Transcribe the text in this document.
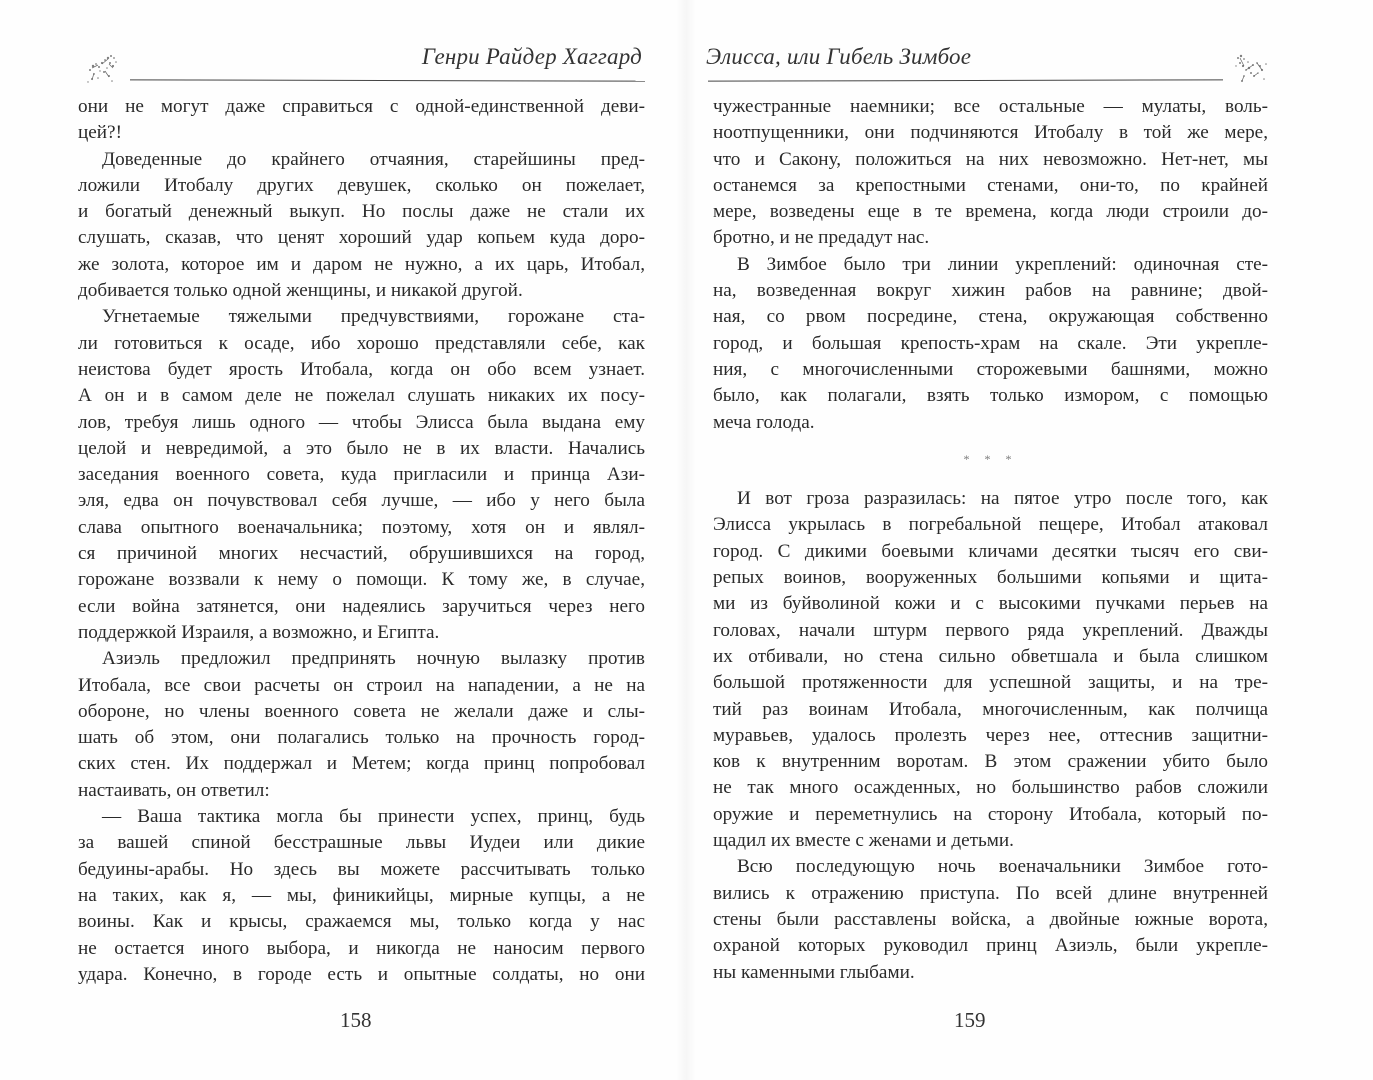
Генри Райдер Хаггард
они не могут даже справиться с одной-единственной деви-
цей?!
Доведенные до крайнего отчаяния, старейшины пред-
ложили Итобалу других девушек, сколько он пожелает,
и богатый денежный выкуп. Но послы даже не стали их
слушать, сказав, что ценят хороший удар копьем куда доро-
же золота, которое им и даром не нужно, а их царь, Итобал,
добивается только одной женщины, и никакой другой.
Угнетаемые тяжелыми предчувствиями, горожане ста-
ли готовиться к осаде, ибо хорошо представляли себе, как
неистова будет ярость Итобала, когда он обо всем узнает.
А он и в самом деле не пожелал слушать никаких их посу-
лов, требуя лишь одного — чтобы Элисса была выдана ему
целой и невредимой, а это было не в их власти. Начались
заседания военного совета, куда пригласили и принца Ази-
эля, едва он почувствовал себя лучше, — ибо у него была
слава опытного военачальника; поэтому, хотя он и являл-
ся причиной многих несчастий, обрушившихся на город,
горожане воззвали к нему о помощи. К тому же, в случае,
если война затянется, они надеялись заручиться через него
поддержкой Израиля, а возможно, и Египта.
Азиэль предложил предпринять ночную вылазку против
Итобала, все свои расчеты он строил на нападении, а не на
обороне, но члены военного совета не желали даже и слы-
шать об этом, они полагались только на прочность город-
ских стен. Их поддержал и Метем; когда принц попробовал
настаивать, он ответил:
— Ваша тактика могла бы принести успех, принц, будь
за вашей спиной бесстрашные львы Иудеи или дикие
бедуины-арабы. Но здесь вы можете рассчитывать только
на таких, как я, — мы, финикийцы, мирные купцы, а не
воины. Как и крысы, сражаемся мы, только когда у нас
не остается иного выбора, и никогда не наносим первого
удара. Конечно, в городе есть и опытные солдаты, но они
158
Элисса, или Гибель Зимбое
чужестранные наемники; все остальные — мулаты, воль-
ноотпущенники, они подчиняются Итобалу в той же мере,
что и Сакону, положиться на них невозможно. Нет-нет, мы
останемся за крепостными стенами, они-то, по крайней
мере, возведены еще в те времена, когда люди строили до-
бротно, и не предадут нас.
В Зимбое было три линии укреплений: одиночная сте-
на, возведенная вокруг хижин рабов на равнине; двой-
ная, со рвом посредине, стена, окружающая собственно
город, и большая крепость-храм на скале. Эти укрепле-
ния, с многочисленными сторожевыми башнями, можно
было, как полагали, взять только измором, с помощью
меча голода.
* * *
И вот гроза разразилась: на пятое утро после того, как
Элисса укрылась в погребальной пещере, Итобал атаковал
город. С дикими боевыми кличами десятки тысяч его сви-
репых воинов, вооруженных большими копьями и щита-
ми из буйволиной кожи и с высокими пучками перьев на
головах, начали штурм первого ряда укреплений. Дважды
их отбивали, но стена сильно обветшала и была слишком
большой протяженности для успешной защиты, и на тре-
тий раз воинам Итобала, многочисленным, как полчища
муравьев, удалось пролезть через нее, оттеснив защитни-
ков к внутренним воротам. В этом сражении убито было
не так много осажденных, но большинство рабов сложили
оружие и переметнулись на сторону Итобала, который по-
щадил их вместе с женами и детьми.
Всю последующую ночь военачальники Зимбое гото-
вились к отражению приступа. По всей длине внутренней
стены были расставлены войска, а двойные южные ворота,
охраной которых руководил принц Азиэль, были укрепле-
ны каменными глыбами.
159
